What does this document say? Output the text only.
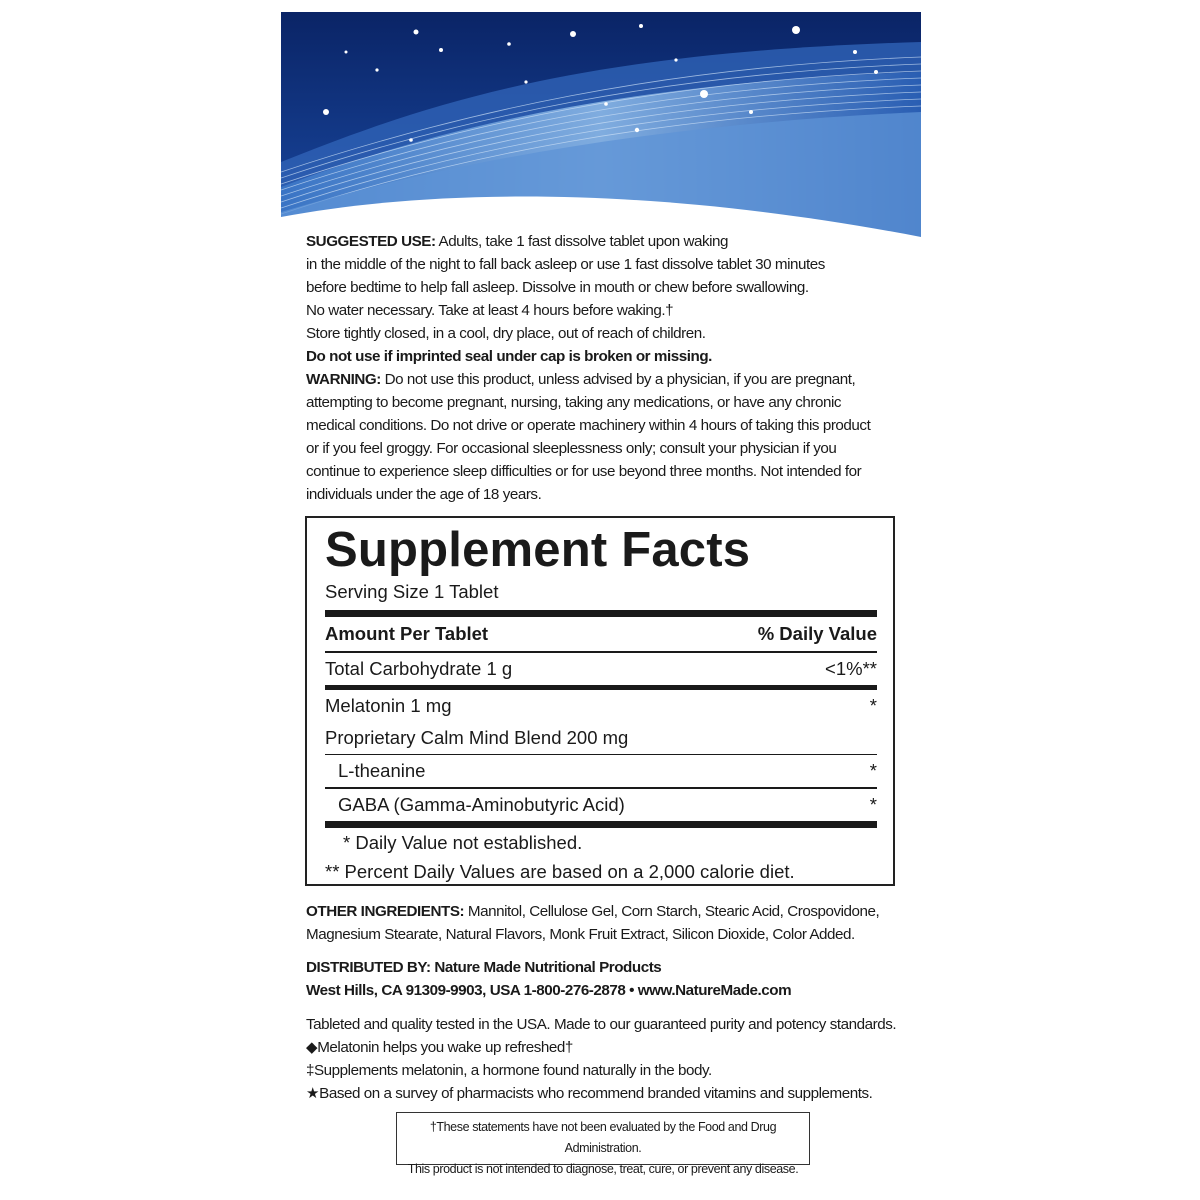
SUGGESTED USE: Adults, take 1 fast dissolve tablet upon waking

in the middle of the night to fall back asleep or use 1 fast dissolve tablet 30 minutes

before bedtime to help fall asleep. Dissolve in mouth or chew before swallowing.

No water necessary. Take at least 4 hours before waking.†

Store tightly closed, in a cool, dry place, out of reach of children.

Do not use if imprinted seal under cap is broken or missing.

WARNING: Do not use this product, unless advised by a physician, if you are pregnant,

attempting to become pregnant, nursing, taking any medications, or have any chronic

medical conditions. Do not drive or operate machinery within 4 hours of taking this product

or if you feel groggy. For occasional sleeplessness only; consult your physician if you

continue to experience sleep difficulties or for use beyond three months. Not intended for

individuals under the age of 18 years.

Supplement Facts
Serving Size 1 Tablet
Amount Per Tablet	% Daily Value
Total Carbohydrate 1 g	<1%**
Melatonin 1 mg	*
Proprietary Calm Mind Blend 200 mg
L-theanine	*
GABA (Gamma-Aminobutyric Acid)	*
* Daily Value not established.
** Percent Daily Values are based on a 2,000 calorie diet.

OTHER INGREDIENTS: Mannitol, Cellulose Gel, Corn Starch, Stearic Acid, Crospovidone,

Magnesium Stearate, Natural Flavors, Monk Fruit Extract, Silicon Dioxide, Color Added.

DISTRIBUTED BY: Nature Made Nutritional Products

West Hills, CA 91309-9903, USA 1-800-276-2878 • www.NatureMade.com

Tableted and quality tested in the USA. Made to our guaranteed purity and potency standards.

◆Melatonin helps you wake up refreshed†

‡Supplements melatonin, a hormone found naturally in the body.

★Based on a survey of pharmacists who recommend branded vitamins and supplements.

†These statements have not been evaluated by the Food and Drug Administration.

This product is not intended to diagnose, treat, cure, or prevent any disease.
